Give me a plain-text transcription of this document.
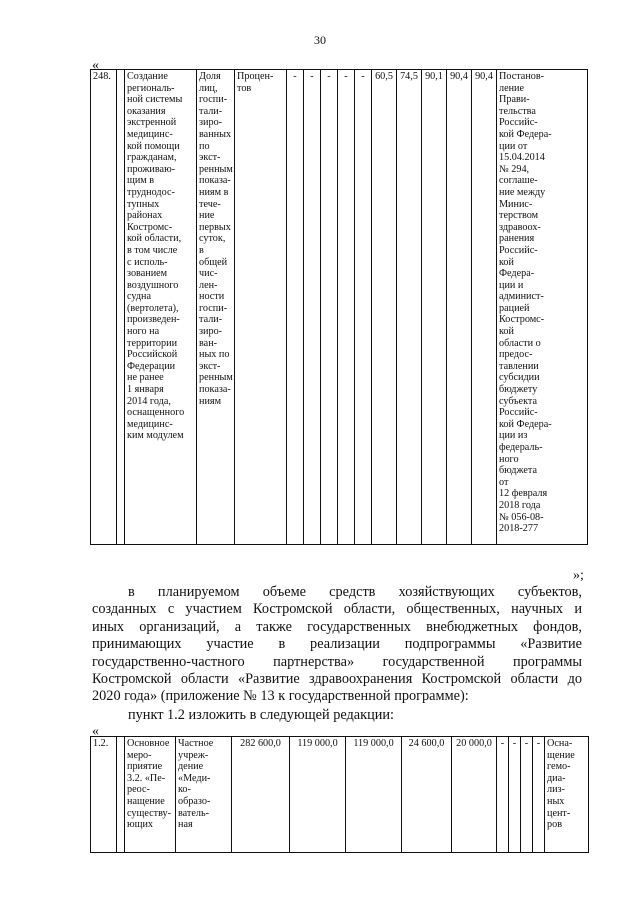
30
«
248.		Создание
региональ-
ной системы
оказания
экстренной
медицинс-
кой помощи
гражданам,
проживаю-
щим в
труднодос-
тупных
районах
Костромс-
кой области,
в том числе
с исполь-
зованием
воздушного
судна
(вертолета),
произведен-
ного на
территории
Российской
Федерации
не ранее
1 января
2014 года,
оснащенного
медицинс-
ким модулем	Доля
лиц,
госпи-
тали-
зиро-
ванных
по
экст-
ренным
показа-
ниям в
тече-
ние
первых
суток, в
общей
чис-
лен-
ности
госпи-
тали-
зиро-
ван-
ных по
экст-
ренным
показа-
ниям	Процен-
тов	-	-	-	-	-	60,5	74,5	90,1	90,4	90,4	Постанов-
ление
Прави-
тельства
Российс-
кой Федера-
ции от
15.04.2014
№ 294,
соглаше-
ние между
Минис-
терством
здравоох-
ранения
Российс-
кой
Федера-
ции и
админист-
рацией
Костромс-
кой
области о
предос-
тавлении
субсидии
бюджету
субъекта
Российс-
кой Федера-
ции из
федераль-
ного
бюджета
от
12 февраля
2018 года
№ 056-08-
2018-277
»;
в планируемом объеме средств хозяйствующих субъектов,
созданных с участием Костромской области, общественных, научных и
иных организаций, а также государственных внебюджетных фондов,
принимающих участие в реализации подпрограммы «Развитие
государственно-частного партнерства» государственной программы
Костромской области «Развитие здравоохранения Костромской области до
2020 года» (приложение № 13 к государственной программе):
пункт 1.2 изложить в следующей редакции:
«
1.2.		Основное
меро-
приятие
3.2. «Пе-
реос-
нащение
существу-
ющих	Частное
учреж-
дение
«Меди-
ко-
образо-
ватель-
ная	282 600,0	119 000,0	119 000,0	24 600,0	20 000,0	-	-	-	-	Осна-
щение
гемо-
диа-
лиз-
ных
цент-
ров
